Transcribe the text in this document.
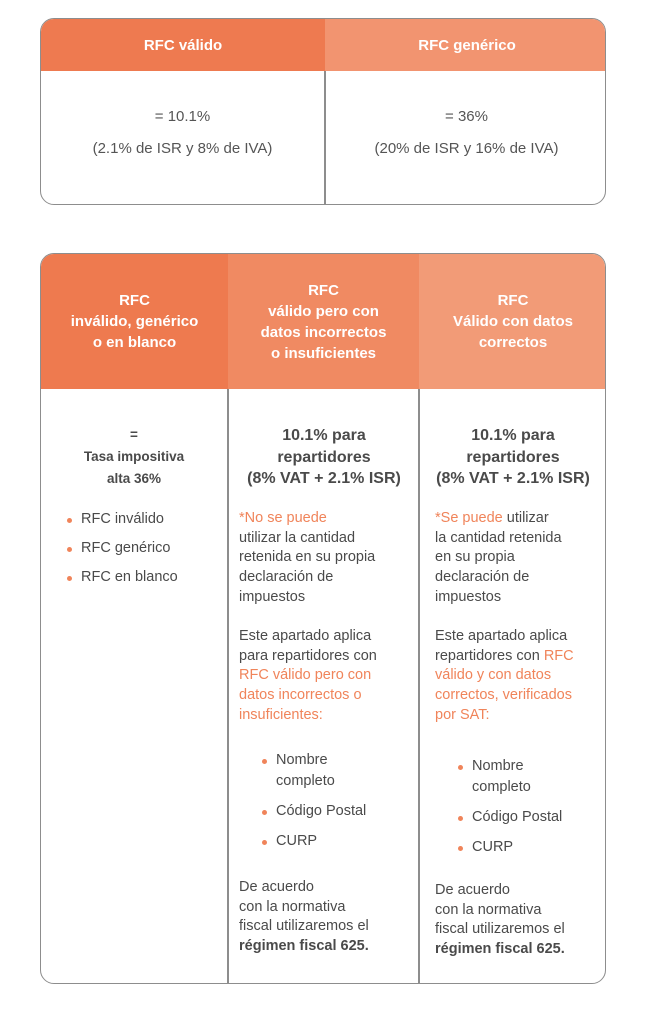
RFC válido	RFC genérico
= 10.1%
(2.1% de ISR y 8% de IVA)
= 36%
(20% de ISR y 16% de IVA)
RFC
inválido, genérico
o en blanco
RFC
válido pero con
datos incorrectos
o insuficientes
RFC
Válido con datos
correctos
=
Tasa impositiva
alta 36%
RFC inválido
RFC genérico
RFC en blanco
10.1% para
repartidores
(8% VAT + 2.1% ISR)
*No se puede
utilizar la cantidad
retenida en su propia
declaración de
impuestos
Este apartado aplica
para repartidores con
RFC válido pero con
datos incorrectos o
insuficientes:
Nombre
completo
Código Postal
CURP
De acuerdo
con la normativa
fiscal utilizaremos el
régimen fiscal 625.
10.1% para
repartidores
(8% VAT + 2.1% ISR)
*Se puede utilizar
la cantidad retenida
en su propia
declaración de
impuestos
Este apartado aplica
repartidores con RFC
válido y con datos
correctos, verificados
por SAT:
Nombre
completo
Código Postal
CURP
De acuerdo
con la normativa
fiscal utilizaremos el
régimen fiscal 625.
